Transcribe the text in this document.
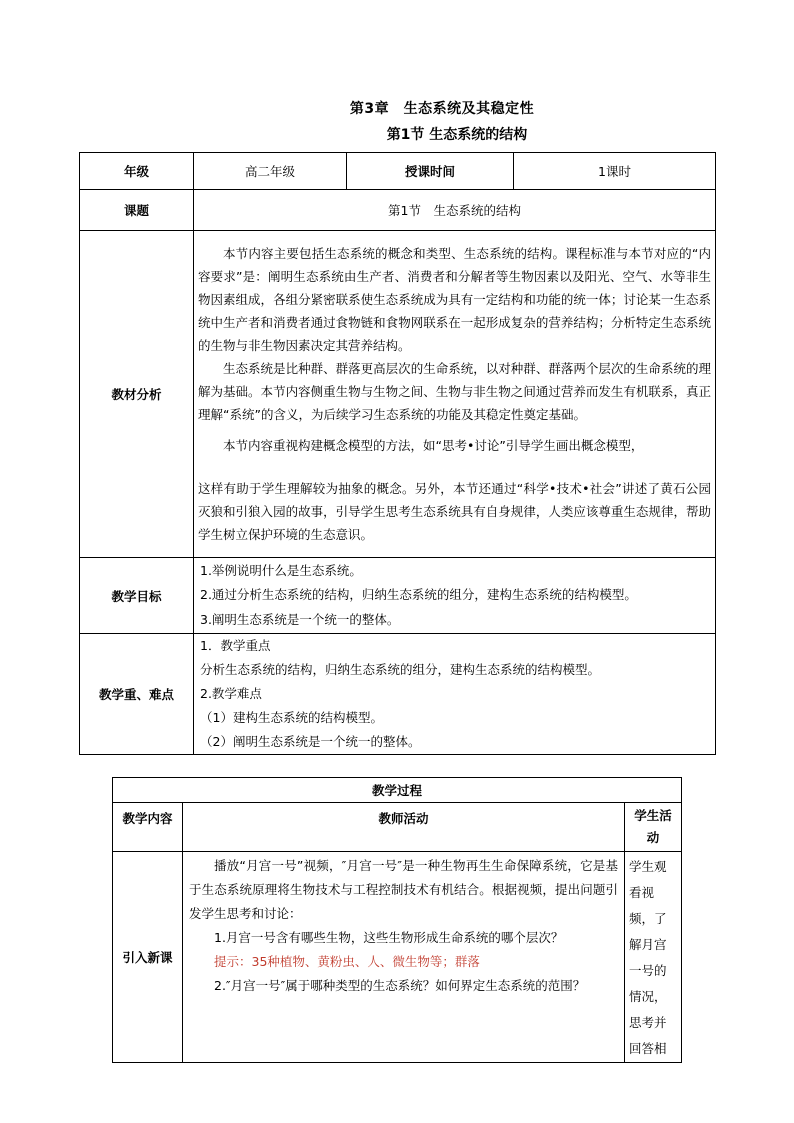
第3章　生态系统及其稳定性
第1节 生态系统的结构
年级	高二年级	授课时间	1课时
课题	第1节　生态系统的结构		
教材分析	本节内容主要包括生态系统的概念和类型、生态系统的结构。课程标准与本节对应的“内容要求”是：阐明生态系统由生产者、消费者和分解者等生物因素以及阳光、空气、水等非生物因素组成，各组分紧密联系使生态系统成为具有一定结构和功能的统一体；讨论某一生态系统中生产者和消费者通过食物链和食物网联系在一起形成复杂的营养结构；分析特定生态系统的生物与非生物因素决定其营养结构。

生态系统是比种群、群落更高层次的生命系统，以对种群、群落两个层次的生命系统的理解为基础。本节内容侧重生物与生物之间、生物与非生物之间通过营养而发生有机联系，真正理解“系统”的含义，为后续学习生态系统的功能及其稳定性奠定基础。

本节内容重视构建概念模型的方法，如“思考•讨论”引导学生画出概念模型，

这样有助于学生理解较为抽象的概念。另外，本节还通过“科学•技术•社会”讲述了黄石公园灭狼和引狼入园的故事，引导学生思考生态系统具有自身规律，人类应该尊重生态规律，帮助学生树立保护环境的生态意识。		

教学目标	1.举例说明什么是生态系统。
2.通过分析生态系统的结构，归纳生态系统的组分，建构生态系统的结构模型。
3.阐明生态系统是一个统一的整体。		

教学重、难点	1．教学重点
分析生态系统的结构，归纳生态系统的组分，建构生态系统的结构模型。
2.教学难点
（1）建构生态系统的结构模型。
（2）阐明生态系统是一个统一的整体。		
教学过程		
教学内容	教师活动	学生活动
引入新课	播放“月宫一号”视频，″月宫一号″是一种生物再生生命保障系统，它是基于生态系统原理将生物技术与工程控制技术有机结合。根据视频，提出问题引发学生思考和讨论：

1.月宫一号含有哪些生物，这些生物形成生命系统的哪个层次？

提示：35种植物、黄粉虫、人、微生物等；群落

2.″月宫一号″属于哪种类型的生态系统？如何界定生态系统的范围？	学生观看视频，了解月宫一号的情况，思考并回答相
